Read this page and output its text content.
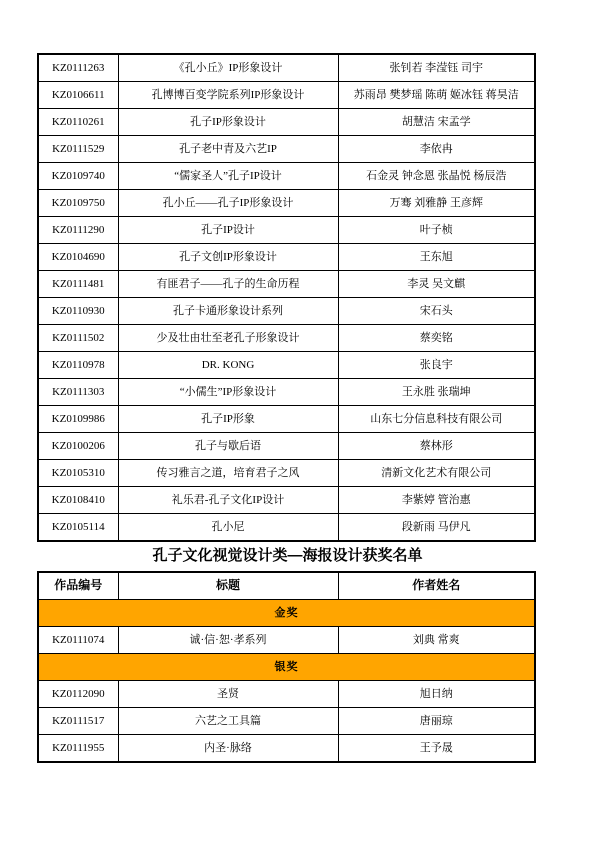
KZ0111263	《孔小丘》IP形象设计	张钊若 李滢钰 司宇
KZ0106611	孔博博百变学院系列IP形象设计	苏雨昂 樊梦瑶 陈萌 姬冰钰 蒋昊洁
KZ0110261	孔子IP形象设计	胡慧洁 宋孟学
KZ0111529	孔子老中青及六艺IP	李依冉
KZ0109740	“儒家圣人”孔子IP设计	石金灵 钟念恩 张晶悦 杨辰浩
KZ0109750	孔小丘——孔子IP形象设计	万骞 刘雅静 王彦辉
KZ0111290	孔子IP设计	叶子桢
KZ0104690	孔子文创IP形象设计	王东旭
KZ0111481	有匪君子——孔子的生命历程	李灵 吴文麒
KZ0110930	孔子卡通形象设计系列	宋石头
KZ0111502	少及壮由壮至老孔子形象设计	蔡奕铭
KZ0110978	DR. KONG	张良宇
KZ0111303	“小儒生”IP形象设计	王永胜 张瑞坤
KZ0109986	孔子IP形象	山东七分信息科技有限公司
KZ0100206	孔子与歇后语	蔡林形
KZ0105310	传习雅言之道，培育君子之风	清新文化艺术有限公司
KZ0108410	礼乐君-孔子文化IP设计	李紫婷 管治惠
KZ0105114	孔小尼	段新雨 马伊凡
孔子文化视觉设计类—海报设计获奖名单
作品编号	标题	作者姓名
金奖		
KZ0111074	诚·信·恕·孝系列	刘典 常爽
银奖		
KZ0112090	圣贤	旭日纳
KZ0111517	六艺之工具篇	唐丽琼
KZ0111955	内圣·脉络	王予晟
